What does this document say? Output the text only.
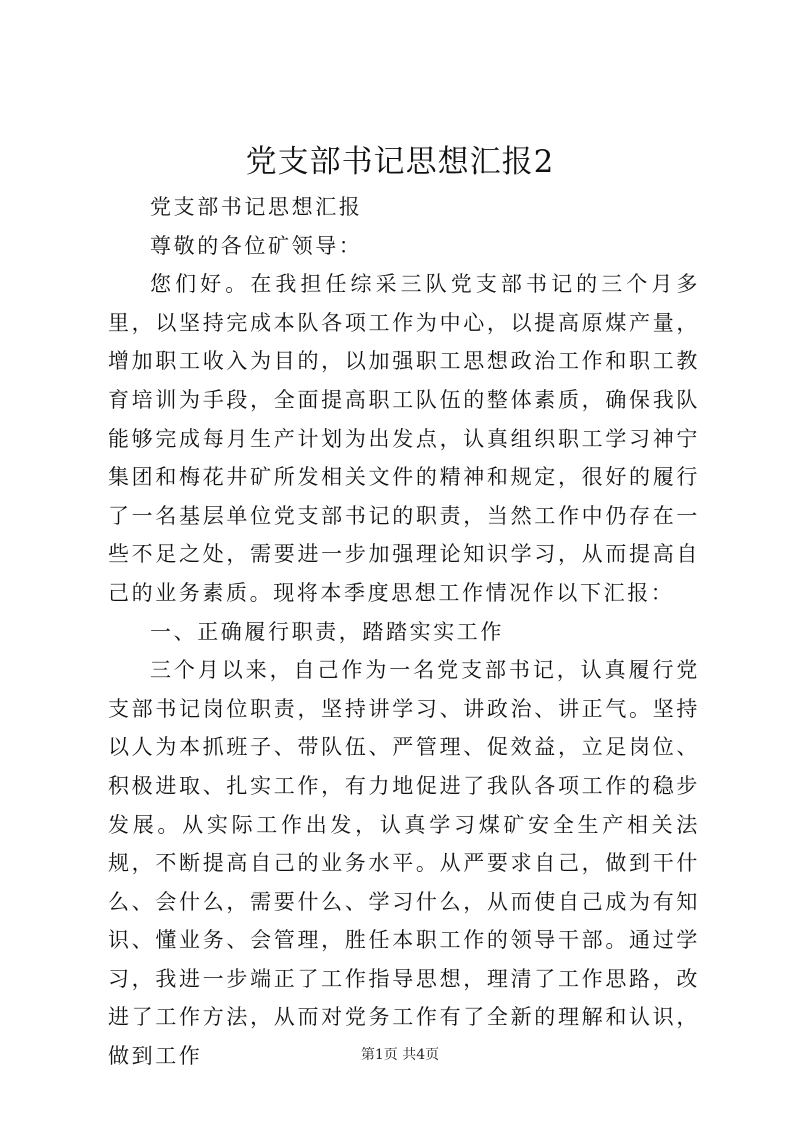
党支部书记思想汇报2

党支部书记思想汇报

尊敬的各位矿领导：

您们好。在我担任综采三队党支部书记的三个月多里，以坚持完成本队各项工作为中心，以提高原煤产量，增加职工收入为目的，以加强职工思想政治工作和职工教育培训为手段，全面提高职工队伍的整体素质，确保我队能够完成每月生产计划为出发点，认真组织职工学习神宁集团和梅花井矿所发相关文件的精神和规定，很好的履行了一名基层单位党支部书记的职责，当然工作中仍存在一些不足之处，需要进一步加强理论知识学习，从而提高自己的业务素质。现将本季度思想工作情况作以下汇报：

一、正确履行职责，踏踏实实工作

三个月以来，自己作为一名党支部书记，认真履行党支部书记岗位职责，坚持讲学习、讲政治、讲正气。坚持以人为本抓班子、带队伍、严管理、促效益，立足岗位、积极进取、扎实工作，有力地促进了我队各项工作的稳步发展。从实际工作出发，认真学习煤矿安全生产相关法规，不断提高自己的业务水平。从严要求自己，做到干什么、会什么，需要什么、学习什么，从而使自己成为有知识、懂业务、会管理，胜任本职工作的领导干部。通过学习，我进一步端正了工作指导思想，理清了工作思路，改进了工作方法，从而对党务工作有了全新的理解和认识，做到工作	第1页 共4页
